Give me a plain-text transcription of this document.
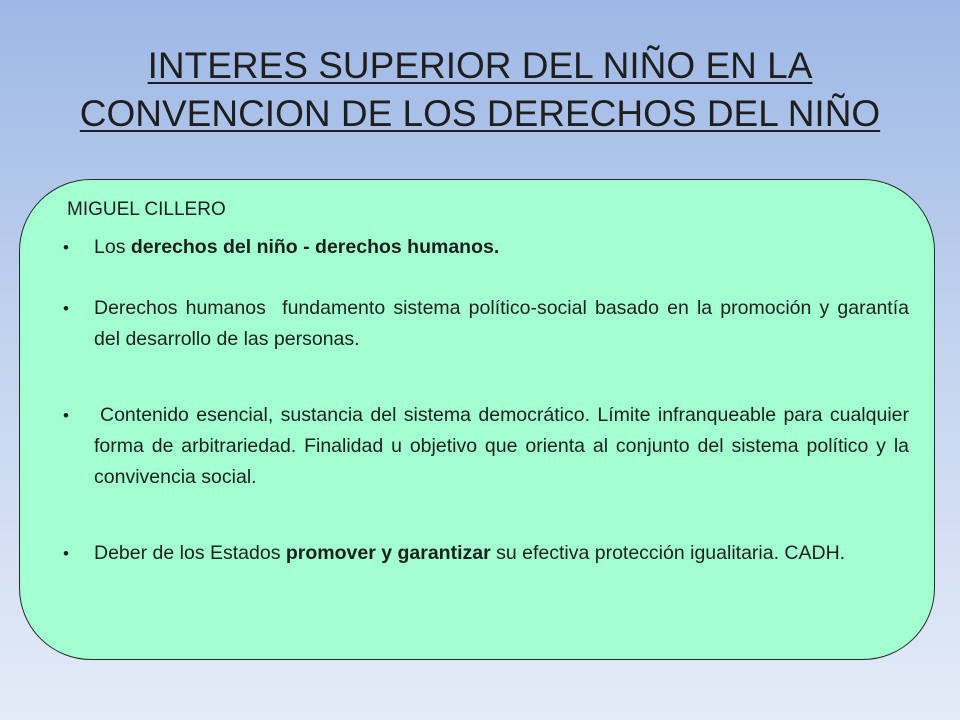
INTERES SUPERIOR DEL NIÑO EN LA
CONVENCION DE LOS DERECHOS DEL NIÑO
MIGUEL CILLERO
• Los derechos del niño - derechos humanos.
• Derechos humanos  fundamento sistema político-social basado en la promoción y garantía del desarrollo de las personas.
• Contenido esencial, sustancia del sistema democrático. Límite infranqueable para cualquier forma de arbitrariedad. Finalidad u objetivo que orienta al conjunto del sistema político y la convivencia social.
• Deber de los Estados promover y garantizar su efectiva protección igualitaria. CADH.
